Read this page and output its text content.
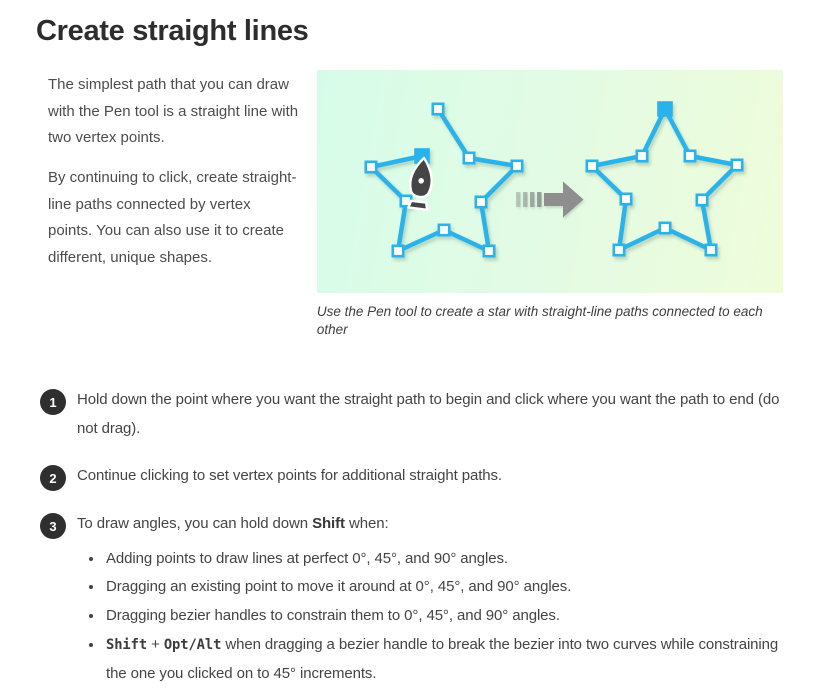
Create straight lines

The simplest path that you can draw with the Pen tool is a straight line with two vertex points.

By continuing to click, create straight-line paths connected by vertex points. You can also use it to create different, unique shapes.

Use the Pen tool to create a star with straight-line paths connected to each other
1	Hold down the point where you want the straight path to begin and click where you want the path to end (do not drag).
2	Continue clicking to set vertex points for additional straight paths.
3	To draw angles, you can hold down Shift when:
• Adding points to draw lines at perfect 0°, 45°, and 90° angles.
• Dragging an existing point to move it around at 0°, 45°, and 90° angles.
• Dragging bezier handles to constrain them to 0°, 45°, and 90° angles.
• Shift + Opt/Alt when dragging a bezier handle to break the bezier into two curves while constraining the one you clicked on to 45° increments.
